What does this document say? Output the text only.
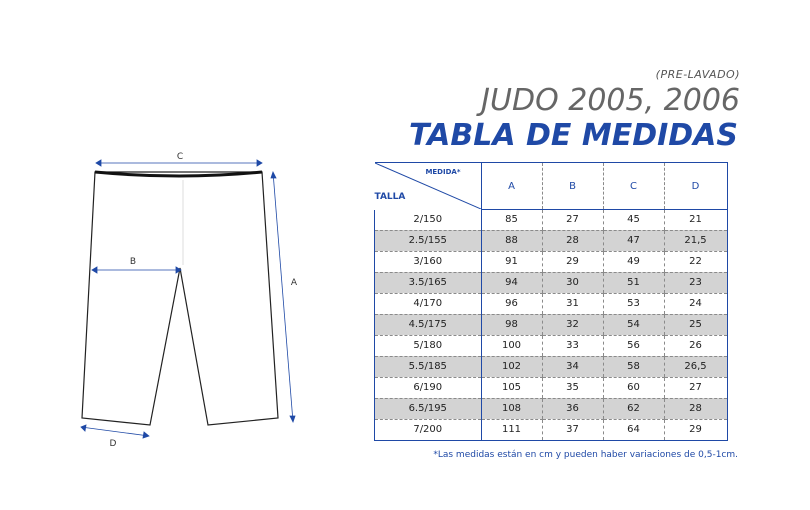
C
A
B
D
(PRE-LAVADO)
JUDO 2005, 2006
TABLA DE MEDIDAS
MEDIDA*
TALLA	A	B	C	D
2/150	85	27	45	21
2.5/155	88	28	47	21,5
3/160	91	29	49	22
3.5/165	94	30	51	23
4/170	96	31	53	24
4.5/175	98	32	54	25
5/180	100	33	56	26
5.5/185	102	34	58	26,5
6/190	105	35	60	27
6.5/195	108	36	62	28
7/200	111	37	64	29
*Las medidas están en cm y pueden haber variaciones de 0,5-1cm.
